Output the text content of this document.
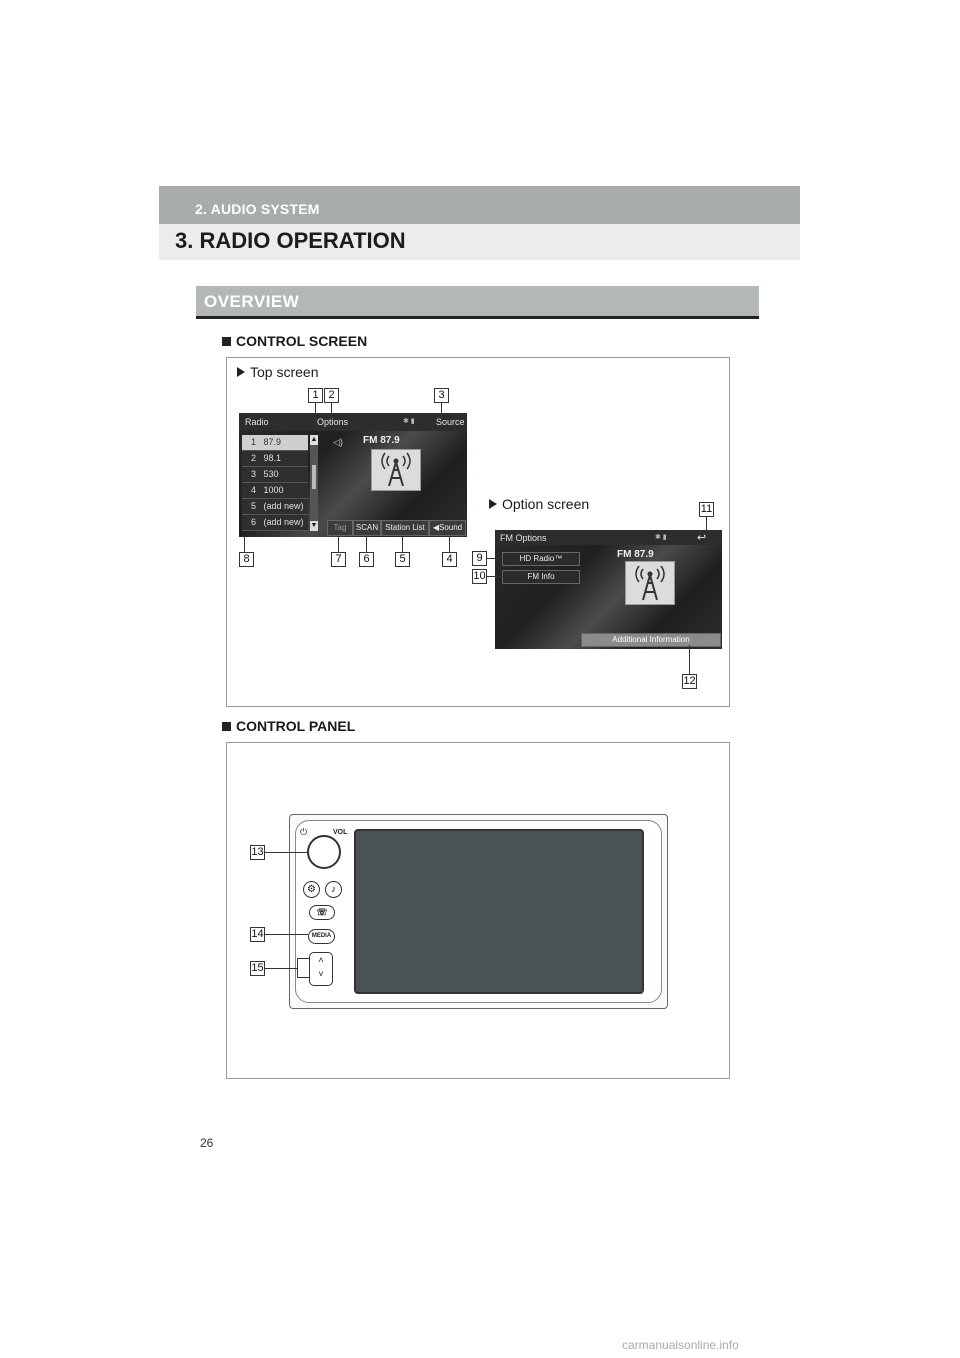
2. AUDIO SYSTEM
3. RADIO OPERATION
OVERVIEW
CONTROL SCREEN
Top screen
Radio	Options	✱ ▮ Source
1 87.9
2 98.1
3 530
4 1000
5 (add new)
6 (add new)
▲
▼
◁) FM 87.9
Tag	SCAN Station List	◀Sound
1 2	3
8	7	6	5	4
Option screen
FM Options	✱ ▮	↩
HD Radio™
FM Info
FM 87.9
Additional Information
11
9
10
12
CONTROL PANEL
⏻	VOL
⚙	♪
☏
MEDIA
˄
˅
13
14
15
26
carmanualsonline.info
